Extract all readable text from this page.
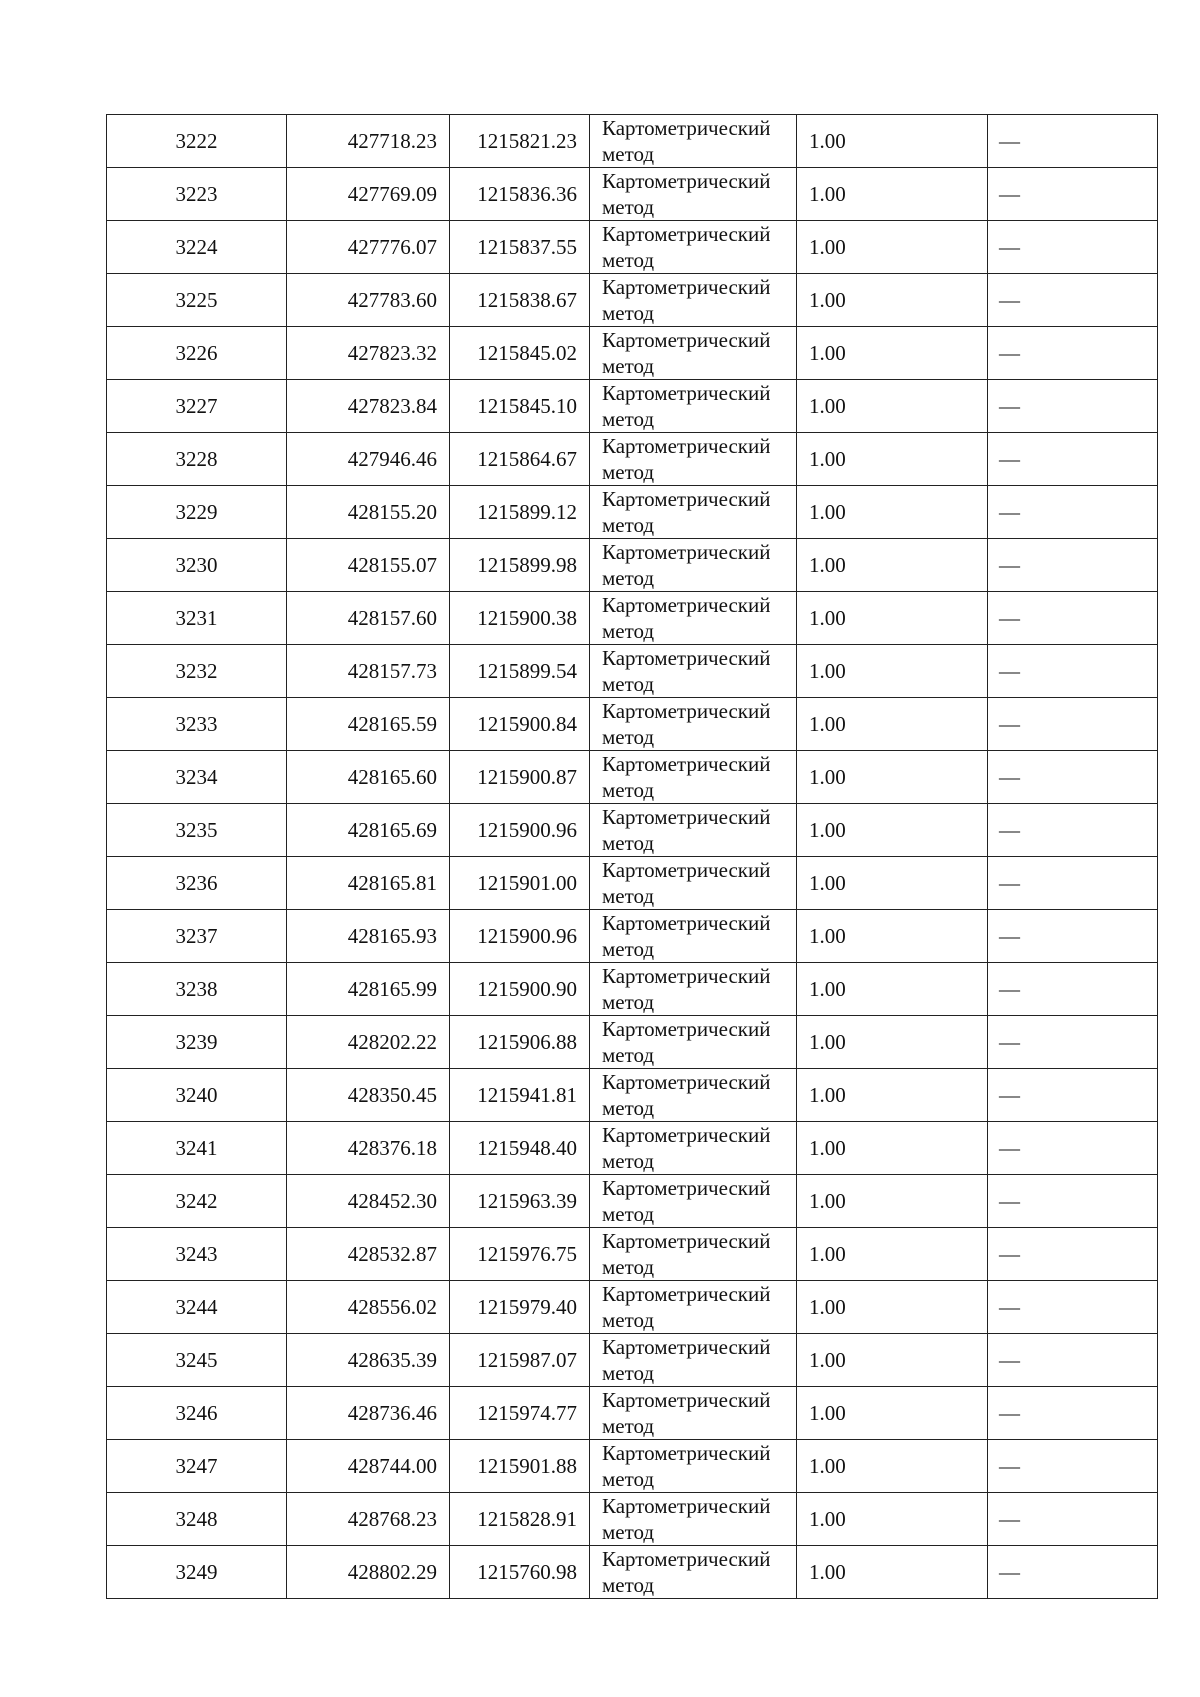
3222	427718.23	1215821.23	Картометрический
метод	1.00	—
3223	427769.09	1215836.36	Картометрический
метод	1.00	—
3224	427776.07	1215837.55	Картометрический
метод	1.00	—
3225	427783.60	1215838.67	Картометрический
метод	1.00	—
3226	427823.32	1215845.02	Картометрический
метод	1.00	—
3227	427823.84	1215845.10	Картометрический
метод	1.00	—
3228	427946.46	1215864.67	Картометрический
метод	1.00	—
3229	428155.20	1215899.12	Картометрический
метод	1.00	—
3230	428155.07	1215899.98	Картометрический
метод	1.00	—
3231	428157.60	1215900.38	Картометрический
метод	1.00	—
3232	428157.73	1215899.54	Картометрический
метод	1.00	—
3233	428165.59	1215900.84	Картометрический
метод	1.00	—
3234	428165.60	1215900.87	Картометрический
метод	1.00	—
3235	428165.69	1215900.96	Картометрический
метод	1.00	—
3236	428165.81	1215901.00	Картометрический
метод	1.00	—
3237	428165.93	1215900.96	Картометрический
метод	1.00	—
3238	428165.99	1215900.90	Картометрический
метод	1.00	—
3239	428202.22	1215906.88	Картометрический
метод	1.00	—
3240	428350.45	1215941.81	Картометрический
метод	1.00	—
3241	428376.18	1215948.40	Картометрический
метод	1.00	—
3242	428452.30	1215963.39	Картометрический
метод	1.00	—
3243	428532.87	1215976.75	Картометрический
метод	1.00	—
3244	428556.02	1215979.40	Картометрический
метод	1.00	—
3245	428635.39	1215987.07	Картометрический
метод	1.00	—
3246	428736.46	1215974.77	Картометрический
метод	1.00	—
3247	428744.00	1215901.88	Картометрический
метод	1.00	—
3248	428768.23	1215828.91	Картометрический
метод	1.00	—
3249	428802.29	1215760.98	Картометрический
метод	1.00	—
